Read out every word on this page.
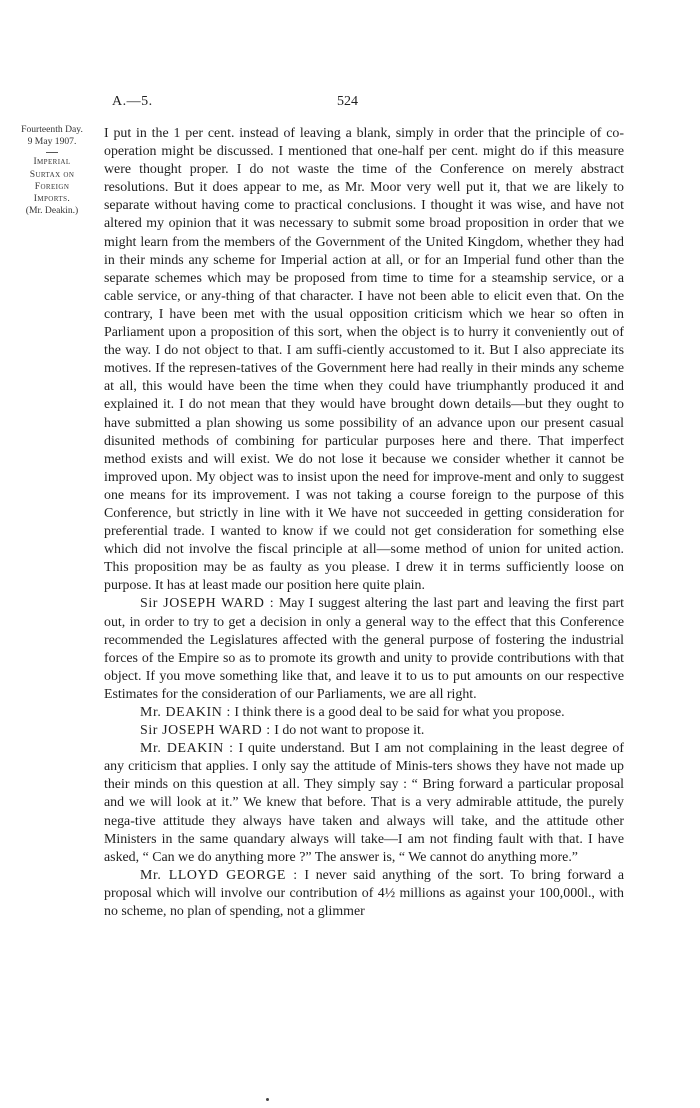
A.—5.	524
Fourteenth Day.
9 May 1907.
Imperial
Surtax on
Foreign
Imports.
(Mr. Deakin.)

I put in the 1 per cent. instead of leaving a blank, simply in order that the principle of co-operation might be discussed. I mentioned that one-half per cent. might do if this measure were thought proper. I do not waste the time of the Conference on merely abstract resolutions. But it does appear to me, as Mr. Moor very well put it, that we are likely to separate without having come to practical conclusions. I thought it was wise, and have not altered my opinion that it was necessary to submit some broad proposition in order that we might learn from the members of the Government of the United Kingdom, whether they had in their minds any scheme for Imperial action at all, or for an Imperial fund other than the separate schemes which may be proposed from time to time for a steamship service, or a cable service, or any-thing of that character. I have not been able to elicit even that. On the contrary, I have been met with the usual opposition criticism which we hear so often in Parliament upon a proposition of this sort, when the object is to hurry it conveniently out of the way. I do not object to that. I am suffi-ciently accustomed to it. But I also appreciate its motives. If the represen-tatives of the Government here had really in their minds any scheme at all, this would have been the time when they could have triumphantly produced it and explained it. I do not mean that they would have brought down details—but they ought to have submitted a plan showing us some possibility of an advance upon our present casual disunited methods of combining for particular purposes here and there. That imperfect method exists and will exist. We do not lose it because we consider whether it cannot be improved upon. My object was to insist upon the need for improve-ment and only to suggest one means for its improvement. I was not taking a course foreign to the purpose of this Conference, but strictly in line with it We have not succeeded in getting consideration for preferential trade. I wanted to know if we could not get consideration for something else which did not involve the fiscal principle at all—some method of union for united action. This proposition may be as faulty as you please. I drew it in terms sufficiently loose on purpose. It has at least made our position here quite plain.

Sir JOSEPH WARD : May I suggest altering the last part and leaving the first part out, in order to try to get a decision in only a general way to the effect that this Conference recommended the Legislatures affected with the general purpose of fostering the industrial forces of the Empire so as to promote its growth and unity to provide contributions with that object. If you move something like that, and leave it to us to put amounts on our respective Estimates for the consideration of our Parliaments, we are all right.

Mr. DEAKIN : I think there is a good deal to be said for what you propose.

Sir JOSEPH WARD : I do not want to propose it.

Mr. DEAKIN : I quite understand. But I am not complaining in the least degree of any criticism that applies. I only say the attitude of Minis-ters shows they have not made up their minds on this question at all. They simply say : “ Bring forward a particular proposal and we will look at it.” We knew that before. That is a very admirable attitude, the purely nega-tive attitude they always have taken and always will take, and the attitude other Ministers in the same quandary always will take—I am not finding fault with that. I have asked, “ Can we do anything more ?” The answer is, “ We cannot do anything more.”

Mr. LLOYD GEORGE : I never said anything of the sort. To bring forward a proposal which will involve our contribution of 4½ millions as against your 100,000l., with no scheme, no plan of spending, not a glimmer
